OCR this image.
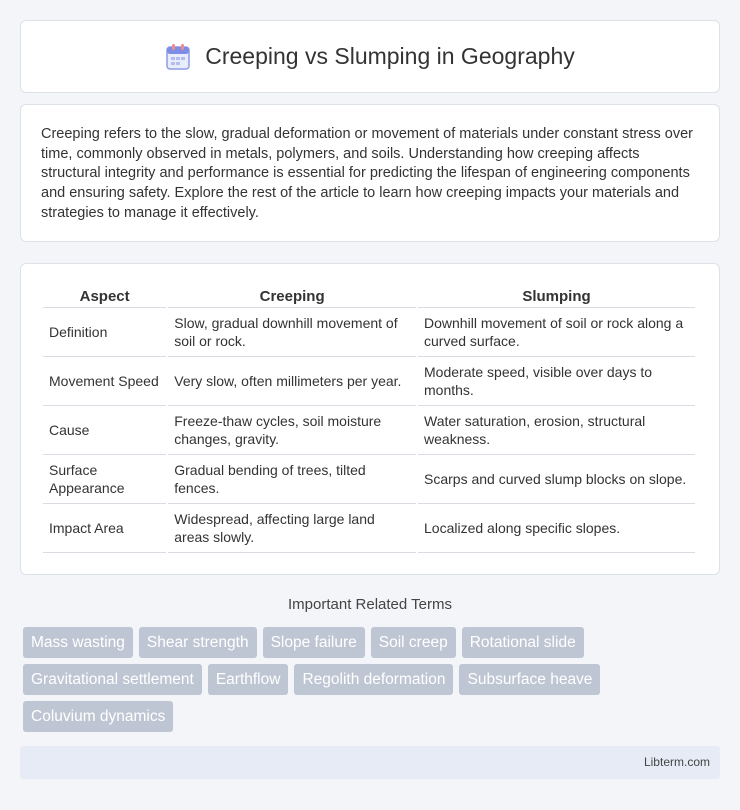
Creeping vs Slumping in Geography

Creeping refers to the slow, gradual deformation or movement of materials under constant stress over time, commonly observed in metals, polymers, and soils. Understanding how creeping affects structural integrity and performance is essential for predicting the lifespan of engineering components and ensuring safety. Explore the rest of the article to learn how creeping impacts your materials and strategies to manage it effectively.

Aspect	Creeping	Slumping
Definition	Slow, gradual downhill movement of soil or rock.	Downhill movement of soil or rock along a curved surface.
Movement Speed	Very slow, often millimeters per year.	Moderate speed, visible over days to months.
Cause	Freeze-thaw cycles, soil moisture changes, gravity.	Water saturation, erosion, structural weakness.
Surface Appearance	Gradual bending of trees, tilted fences.	Scarps and curved slump blocks on slope.
Impact Area	Widespread, affecting large land areas slowly.	Localized along specific slopes.
Important Related Terms
Mass wasting	Shear strength	Slope failure	Soil creep	Rotational slide
Gravitational settlement	Earthflow	Regolith deformation	Subsurface heave
Coluvium dynamics
Libterm.com
